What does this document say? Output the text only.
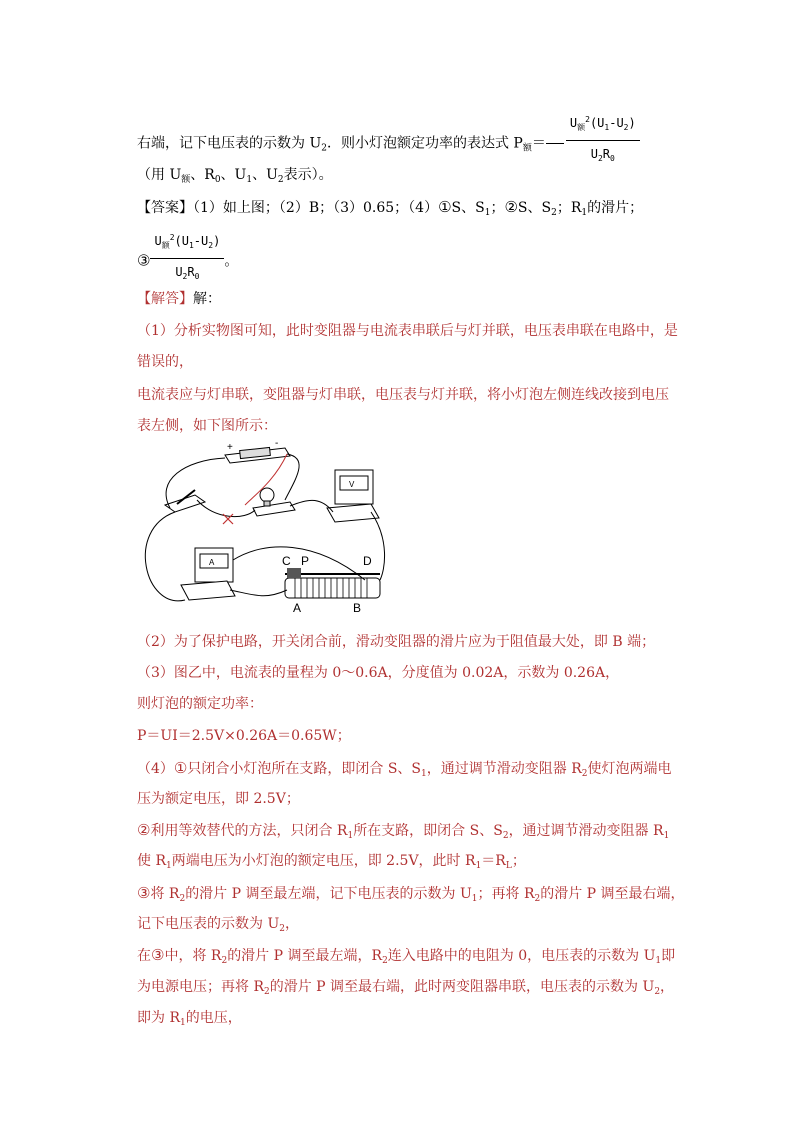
右端，记下电压表的示数为 $U_2$．则小灯泡额定功率的表达式 $P_额= \frac{U_额^2(U_1-U_2)}{U_2R_0}$
（用 $U_额$、$R_0$、$U_1$、$U_2$表示）。
【答案】（1）如上图；（2）B；（3）0.65；（4）①S、$S_1$；②S、$S_2$；$R_1$的滑片；
③ $\frac{U_额^2(U_1-U_2)}{U_2R_0}$ 。
【解答】解：
（1）分析实物图可知，此时变阻器与电流表串联后与灯并联，电压表串联在电路中，是
错误的，
电流表应与灯串联，变阻器与灯串联，电压表与灯并联，将小灯泡左侧连线改接到电压
表左侧，如下图所示：
+	-
V
A	C P	D
A	B
（2）为了保护电路，开关闭合前，滑动变阻器的滑片应为于阻值最大处，即 B 端；
（3）图乙中，电流表的量程为 0～0.6A，分度值为 0.02A，示数为 0.26A，
则灯泡的额定功率：
P＝UI＝2.5V×0.26A＝0.65W；
（4）①只闭合小灯泡所在支路，即闭合 S、$S_1$，通过调节滑动变阻器 $R_2$使灯泡两端电
压为额定电压，即 2.5V；
②利用等效替代的方法，只闭合 $R_1$所在支路，即闭合 S、$S_2$，通过调节滑动变阻器 $R_1$
使 $R_1$两端电压为小灯泡的额定电压，即 2.5V，此时 $R_1=R_L$；
③将 $R_2$的滑片 P 调至最左端，记下电压表的示数为 $U_1$；再将 $R_2$的滑片 P 调至最右端，
记下电压表的示数为 $U_2$，
在③中，将 $R_2$的滑片 P 调至最左端，$R_2$连入电路中的电阻为 0，电压表的示数为 $U_1$即
为电源电压；再将 $R_2$的滑片 P 调至最右端，此时两变阻器串联，电压表的示数为 $U_2$，
即为 $R_1$的电压，
